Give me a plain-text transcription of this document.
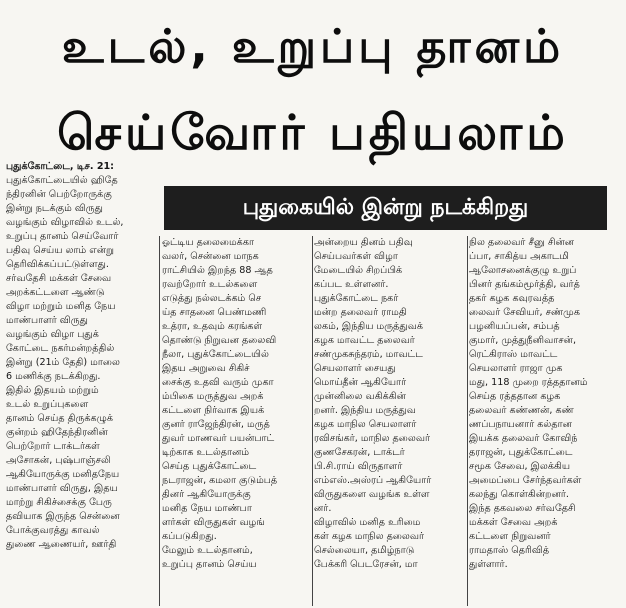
உடல், உறுப்பு தானம்
செய்வோர் பதியலாம்
புதுகையில் இன்று நடக்கிறது
புதுக்கோட்டை, டிச. 21:
புதுக்கோட்டையில் ஹிதே
ந்திரனின் பெற்றோருக்கு
இன்று நடக்கும் விருது
வழங்கும் விழாவில் உடல்,
உறுப்பு தானம் செய்வோர்
பதிவு செய்ய லாம் என்று
தெரிவிக்கப்பட்டுள்ளது.
சர்வதேசி மக்கள் சேவை
அறக்கட்டளை ஆண்டு
விழா மற்றும் மனித நேய
மாண்பாளர் விருது
வழங்கும் விழா புதுக்
கோட்டை நகர்மன்றத்தில்
இன்று (21ம் தேதி) மாலை
6 மணிக்கு நடக்கிறது.
இதில் இதயம் மற்றும்
உடல் உறுப்புகளை
தானம் செய்த திருக்கழுக்
குன்றம் ஹிதேந்திரனின்
பெற்றோர் டாக்டர்கள்
அசோகன், புஷ்பாஞ்சலி
ஆகியோருக்கு மனிதநேய
மாண்பாளர் விருது, இதய
மாற்று சிகிச்சைக்கு பேரு
தவியாக இருந்த சென்னை
போக்குவரத்து காவல்
துணை ஆணையர், ஊர்தி
ஓட்டிய தலைமைக்கா
வலர், சென்னை மாநக
ராட்சியில் இறந்த 88 ஆத
ரவற்றோர் உடல்களை
எடுத்து நல்லடக்கம் செ
ய்த சாதனை பெண்மணி
உத்ரா, உதவும் கரங்கள்
தொண்டு நிறுவன தலைவி
நீலா, புதுக்கோட்டையில்
இதய அறுவை சிகிச்
சைக்கு உதவி வரும் முகா
ம்பிகை மருத்துவ அறக்
கட்டளை நிர்வாக இயக்
குனர் ராஜேந்திரன், மருத்
துவர் மாணவர் பயன்பாட்
டிற்காக உடல்தானம்
செய்த புதுக்கோட்டை
நடராஜன், கமலா குடும்பத்
தினர் ஆகியோருக்கு
மனித நேய மாண்பா
ளர்கள் விருதுகள் வழங்
கப்படுகிறது.
மேலும் உடல்தானம்,
உறுப்பு தானம் செய்ய
அன்றைய தினம் பதிவு
செய்பவர்கள் விழா
மேடையில் சிறப்பிக்
கப்பட உள்ளனர்.
புதுக்கோட்டை நகர்
மன்ற தலைவர் ராமதி
லகம், இந்திய மருத்துவக்
கழக மாவட்ட தலைவர்
சண்முகசுந்தரம், மாவட்ட
செயலாளர் சையது
மொய்தீன் ஆகியோர்
முன்னிலை வகிக்கின்
றனர். இந்திய மருத்துவ
கழக மாநில செயலாளர்
ரவிசங்கர், மாநில தலைவர்
குணசேகரன், டாக்டர்
பி.சி.ராய் விருதாளர்
எம்எஸ்.அஸ்ரப் ஆகியோர்
விருதுகளை வழங்க உள்ள
னர்.
விழாவில் மனித உரிமை
கள் கழக மாநில தலைவர்
செல்லையா, தமிழ்நாடு
பேக்கரி பெடரேசன், மா
நில தலைவர் சீனு சின்ன
ப்பா, சாகித்ய அகாடமி
ஆலோசனைக்குழு உறுப்
பினர் தங்கம்மூர்த்தி, வர்த்
தகர் கழக கவுரவத்த
லைவர் சேவியர், சண்முக
பழனியப்பன், சம்பத்
குமார், முத்துநீனிவாசன்,
ரெட்கிராஸ் மாவட்ட
செயலாளர் ராஜா முக
மது, 118 முறை ரத்ததானம்
செய்த ரத்ததான கழக
தலைவர் கண்ணன், கண்
ணப்பநாயனார் கல்தான
இயக்க தலைவர் கோவிந்
தராஜன், புதுக்கோட்டை
சமூக சேவை, இலக்கிய
அமைப்பை சேர்ந்தவர்கள்
கலந்து கொள்கின்றனர்.
இந்த தகவலை சர்வதேசி
மக்கள் சேவை அறக்
கட்டளை நிறுவனர்
ராமதாஸ் தெரிவித்
துள்ளார்.
